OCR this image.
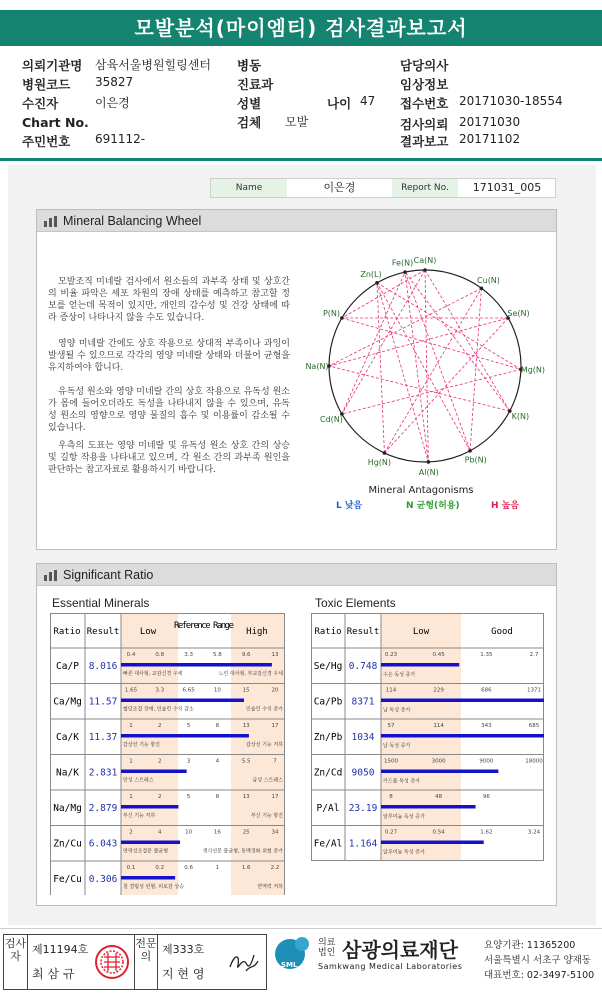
모발분석(마이엠티) 검사결과보고서
의뢰기관명 삼육서울병원힐링센터
병원코드 35827
수진자	이은경
Chart No.
주민번호 691112-
병동
진료과
성별
검체 모발
나이 47
담당의사
임상정보
접수번호 20171030-18554
검사의뢰 20171030
결과보고 20171102
Name	이은경	Report No.	171031_005
Mineral Balancing Wheel
모발조직 미네랄 검사에서 원소들의 과부족 상태 및 상호간의 비율 파악은 세포 차원의 장애 상태를 예측하고 참고할 정보를 얻는데 목적이 있지만, 개인의 감수성 및 건강 상태에 따라 증상이 나타나지 않을 수도 있습니다.
영양 미네랄 간에도 상호 작용으로 상대적 부족이나 과잉이 발생될 수 있으므로 각각의 영양 미네랄 상태와 더불어 균형을 유지하여야 합니다.
유독성 원소와 영양 미네랄 간의 상호 작용으로 유독성 원소가 몸에 들어오더라도 독성을 나타내지 않을 수 있으며, 유독성 원소의 영향으로 영양 물질의 흡수 및 이용률이 감소될 수 있습니다.
우측의 도표는 영양 미네랄 및 유독성 원소 상호 간의 상승 및 길항 작용을 나타내고 있으며, 각 원소 간의 과부족 원인을 판단하는 참고자료로 활용하시기 바랍니다.
Ca(N)
Cu(N)
Se(N)
Mg(N)
K(N)
Pb(N)
Al(N)
Hg(N)
Cd(N)
Na(N)
P(N)
Zn(L)
Fe(N)
Mineral Antagonisms
L 낮음	N 균형(허용)	H 높음
Significant Ratio
Essential Minerals	Toxic Elements
Ratio Result Low
Reference Range
High
Ca/P 8.016
0.4	0.8	3.3	5.8	9.6	13
빠른 대사형, 교감신경 우세	느린 대사형, 부교감신경 우세
Ca/Mg 11.57
1.65	3.3	6.65	10	15	20
혈당조절 장애, 인슐린 수치 감소	인슐린 수치 증가
Ca/K 11.37
1	2	5	8	13	17
갑상선 기능 항진	갑상선 기능 저하
Na/K 2.831
1	2	3	4	5.5	7
만성 스트레스	급성 스트레스
Na/Mg 2.879
1	2	5	8	13	17
부신 기능 저하	부신 기능 항진
Zn/Cu 6.043
2	4	10	16	25	34
면역성조절문 불균형	생식선문 불균형, 동맥경화 위험 증가
Fe/Cu 0.306
0.1	0.2	0.6	1	1.6	2.2
철 결핍성 빈혈, 피로감 상승	면역력 저하
Ratio Result	Low	Good
Se/Hg 0.748
0.23	0.45	1.35	2.7
수은 독성 증가
Ca/Pb 8371
114	229	686	1371
납 독성 증가
Zn/Pb 1034
57	114	343	685
납 독성 증가
Zn/Cd 9050
1500	3000	9000	18000
카드뮴 독성 증가
P/Al 23.19
8	48	96
알루미늄 독성 증가
Fe/Al 1.164
0.27	0.54	1.62	3.24
알루미늄 독성 증가
검사자
제11194호
최 삼 규
전문의
제333호
지 현 영
SML
의료법인 삼광의료재단
Samkwang Medical Laboratories
요양기관: 11365200
서울특별시 서초구 양재동
대표번호: 02-3497-5100
